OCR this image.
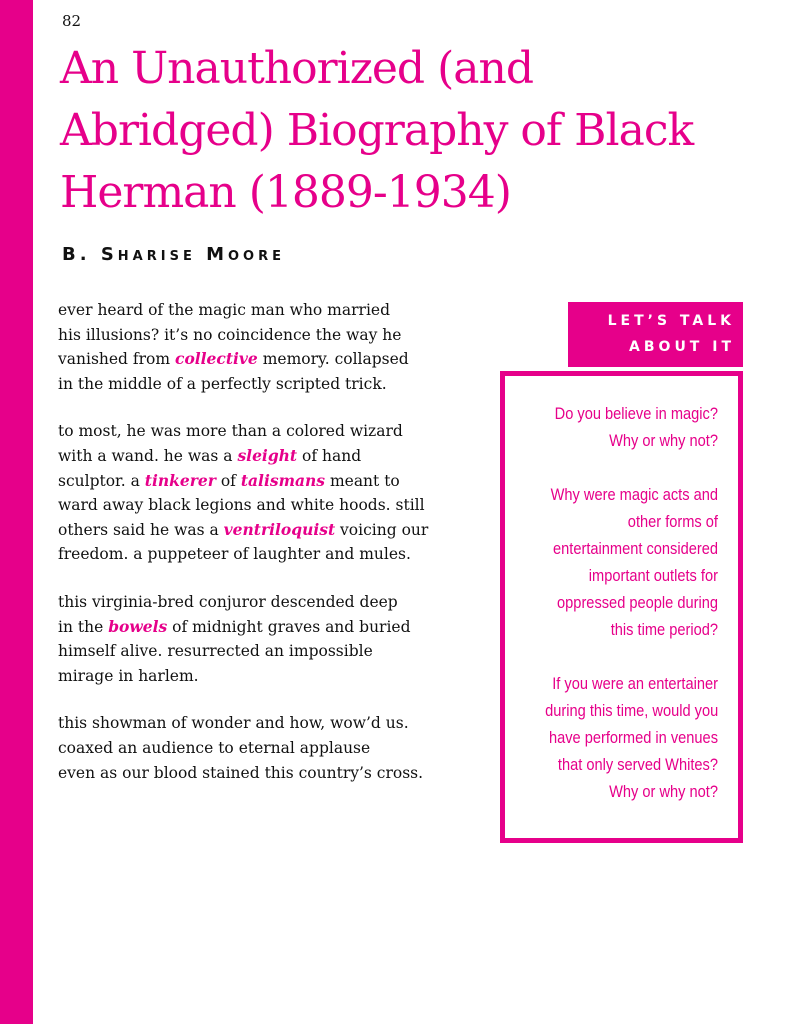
82
An Unauthorized (and
Abridged) Biography of Black
Herman (1889-1934)

B. Sharise Moore

ever heard of the magic man who married
his illusions? it’s no coincidence the way he
vanished from collective memory. collapsed
in the middle of a perfectly scripted trick.

to most, he was more than a colored wizard
with a wand. he was a sleight of hand
sculptor. a tinkerer of talismans meant to
ward away black legions and white hoods. still
others said he was a ventriloquist voicing our
freedom. a puppeteer of laughter and mules.

this virginia-bred conjuror descended deep
in the bowels of midnight graves and buried
himself alive. resurrected an impossible
mirage in harlem.

this showman of wonder and how, wow’d us.
coaxed an audience to eternal applause
even as our blood stained this country’s cross.

LET’S TALK
ABOUT IT

Do you believe in magic?
Why or why not?

Why were magic acts and
other forms of
entertainment considered
important outlets for
oppressed people during
this time period?

If you were an entertainer
during this time, would you
have performed in venues
that only served Whites?
Why or why not?
